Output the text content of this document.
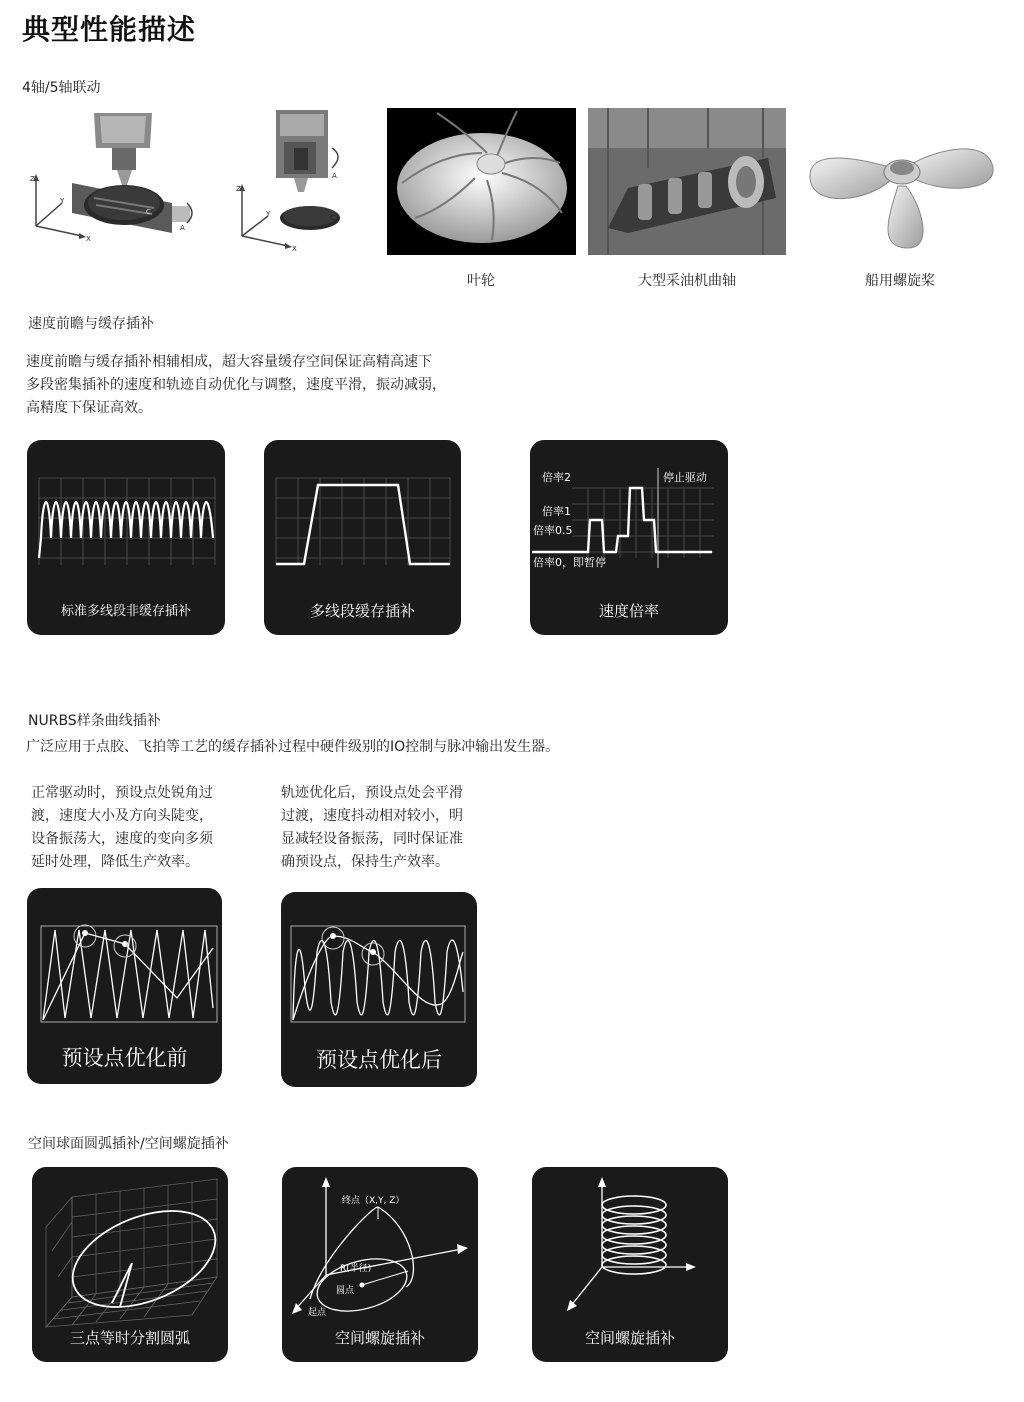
典型性能描述
4轴/5轴联动
Z
Y
X
C
A
A
C
Z
Y
X
叶轮	大型采油机曲轴	船用螺旋桨
速度前瞻与缓存插补
速度前瞻与缓存插补相辅相成，超大容量缓存空间保证高精高速下
多段密集插补的速度和轨迹自动优化与调整，速度平滑，振动减弱，
高精度下保证高效。
标准多线段非缓存插补	多线段缓存插补
倍率2	停止驱动
倍率1
倍率0.5
倍率0，即暂停
速度倍率
NURBS样条曲线插补
广泛应用于点胶、飞拍等工艺的缓存插补过程中硬件级别的IO控制与脉冲输出发生器。
正常驱动时，预设点处锐角过
渡，速度大小及方向头陡变，
设备振荡大，速度的变向多须
延时处理，降低生产效率。
轨迹优化后，预设点处会平滑
过渡，速度抖动相对较小，明
显减轻设备振荡，同时保证准
确预设点，保持生产效率。
预设点优化前	预设点优化后
空间球面圆弧插补/空间螺旋插补
三点等时分割圆弧
终点（X,Y, Z）
R(半径)
圆点
起点
空间螺旋插补	空间螺旋插补
